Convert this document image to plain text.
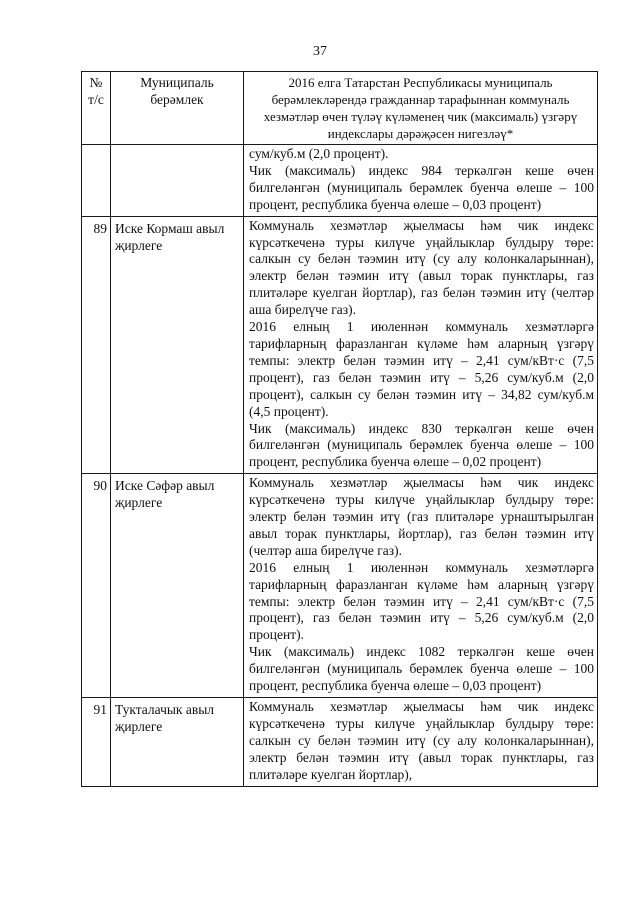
37
№ т/с	Муниципаль берәмлек	2016 елга Татарстан Республикасы муниципаль берәмлекләрендә гражданнар тарафыннан коммуналь хезмәтләр өчен түләү күләменең чик (максималь) үзгәрү индекслары дәрәҗәсен нигезләү*

		сум/куб.м (2,0 процент).
Чик (максималь) индекс 984 теркәлгән кеше өчен билгеләнгән (муниципаль берәмлек буенча өлеше – 100 процент, республика буенча өлеше – 0,03 процент)

89	Иске Кормаш авыл җирлеге	Коммуналь хезмәтләр җыелмасы һәм чик индекс күрсәткеченә туры килүче уңайлыклар булдыру төре: салкын су белән тәэмин итү (су алу колонкаларыннан), электр белән тәэмин итү (авыл торак пунктлары, газ плитәләре куелган йортлар), газ белән тәэмин итү (челтәр аша бирелүче газ).
2016 елның 1 июленнән коммуналь хезмәтләргә тарифларның фаразланган күләме һәм аларның үзгәрү темпы: электр белән тәэмин итү – 2,41 сум/кВт·с (7,5 процент), газ белән тәэмин итү – 5,26 сум/куб.м (2,0 процент), салкын су белән тәэмин итү – 34,82 сум/куб.м (4,5 процент).
Чик (максималь) индекс 830 теркәлгән кеше өчен билгеләнгән (муниципаль берәмлек буенча өлеше – 100 процент, республика буенча өлеше – 0,02 процент)

90	Иске Сәфәр авыл җирлеге	Коммуналь хезмәтләр җыелмасы һәм чик индекс күрсәткеченә туры килүче уңайлыклар булдыру төре: электр белән тәэмин итү (газ плитәләре урнаштырылган авыл торак пунктлары, йортлар), газ белән тәэмин итү (челтәр аша бирелүче газ).
2016 елның 1 июленнән коммуналь хезмәтләргә тарифларның фаразланган күләме һәм аларның үзгәрү темпы: электр белән тәэмин итү – 2,41 сум/кВт·с (7,5 процент), газ белән тәэмин итү – 5,26 сум/куб.м (2,0 процент).
Чик (максималь) индекс 1082 теркәлгән кеше өчен билгеләнгән (муниципаль берәмлек буенча өлеше – 100 процент, республика буенча өлеше – 0,03 процент)

91	Тукталачык авыл җирлеге	Коммуналь хезмәтләр җыелмасы һәм чик индекс күрсәткеченә туры килүче уңайлыклар булдыру төре: салкын су белән тәэмин итү (су алу колонкаларыннан), электр белән тәэмин итү (авыл торак пунктлары, газ плитәләре куелган йортлар),
